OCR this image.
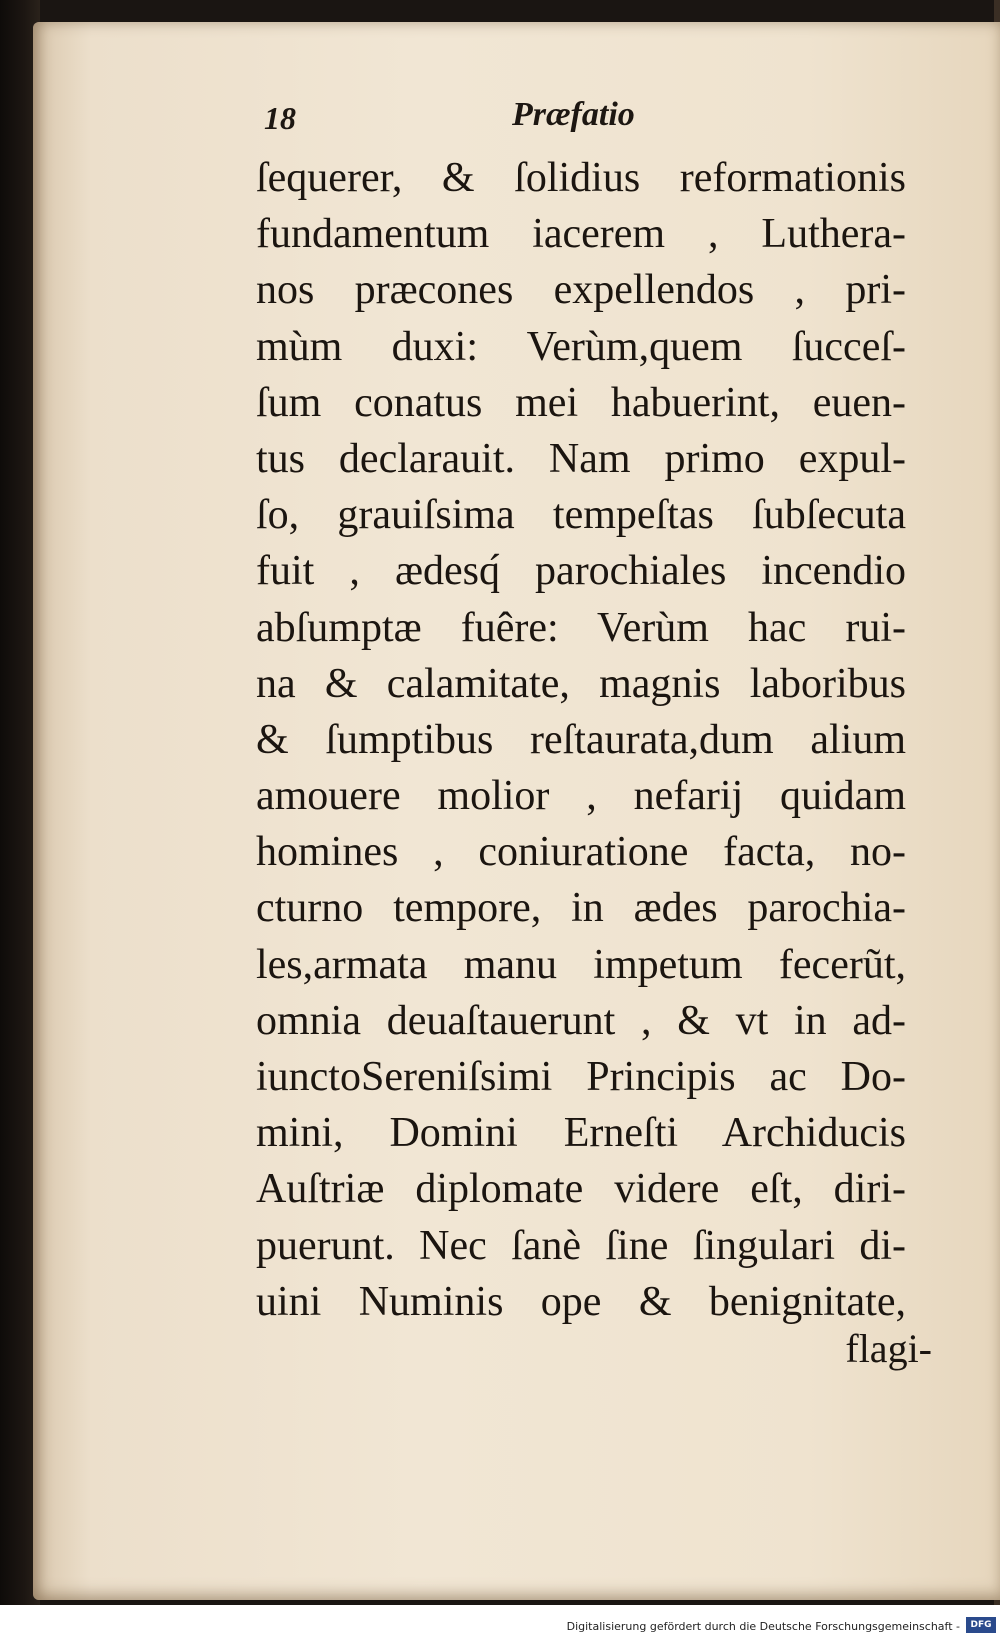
18	Præfatio
ſequerer, & ſolidius reformationis
fundamentum iacerem , Luthera-
nos præcones expellendos , pri-
mùm duxi: Verùm,quem ſucceſ-
ſum conatus mei habuerint, euen-
tus declarauit. Nam primo expul-
ſo, grauiſsima tempeſtas ſubſecuta
fuit , ædesq́ parochiales incendio
abſumptæ fuêre: Verùm hac rui-
na & calamitate, magnis laboribus
& ſumptibus reſtaurata,dum alium
amouere molior , nefarij quidam
homines , coniuratione facta, no-
cturno tempore, in ædes parochia-
les,armata manu impetum fecerũt,
omnia deuaſtauerunt , & vt in ad-
iunctoSereniſsimi Principis ac Do-
mini, Domini Erneſti Archiducis
Auſtriæ diplomate videre eſt, diri-
puerunt. Nec ſanè ſine ſingulari di-
uini Numinis ope & benignitate,
flagi-
Digitalisierung gefördert durch die Deutsche Forschungsgemeinschaft -	DFG
